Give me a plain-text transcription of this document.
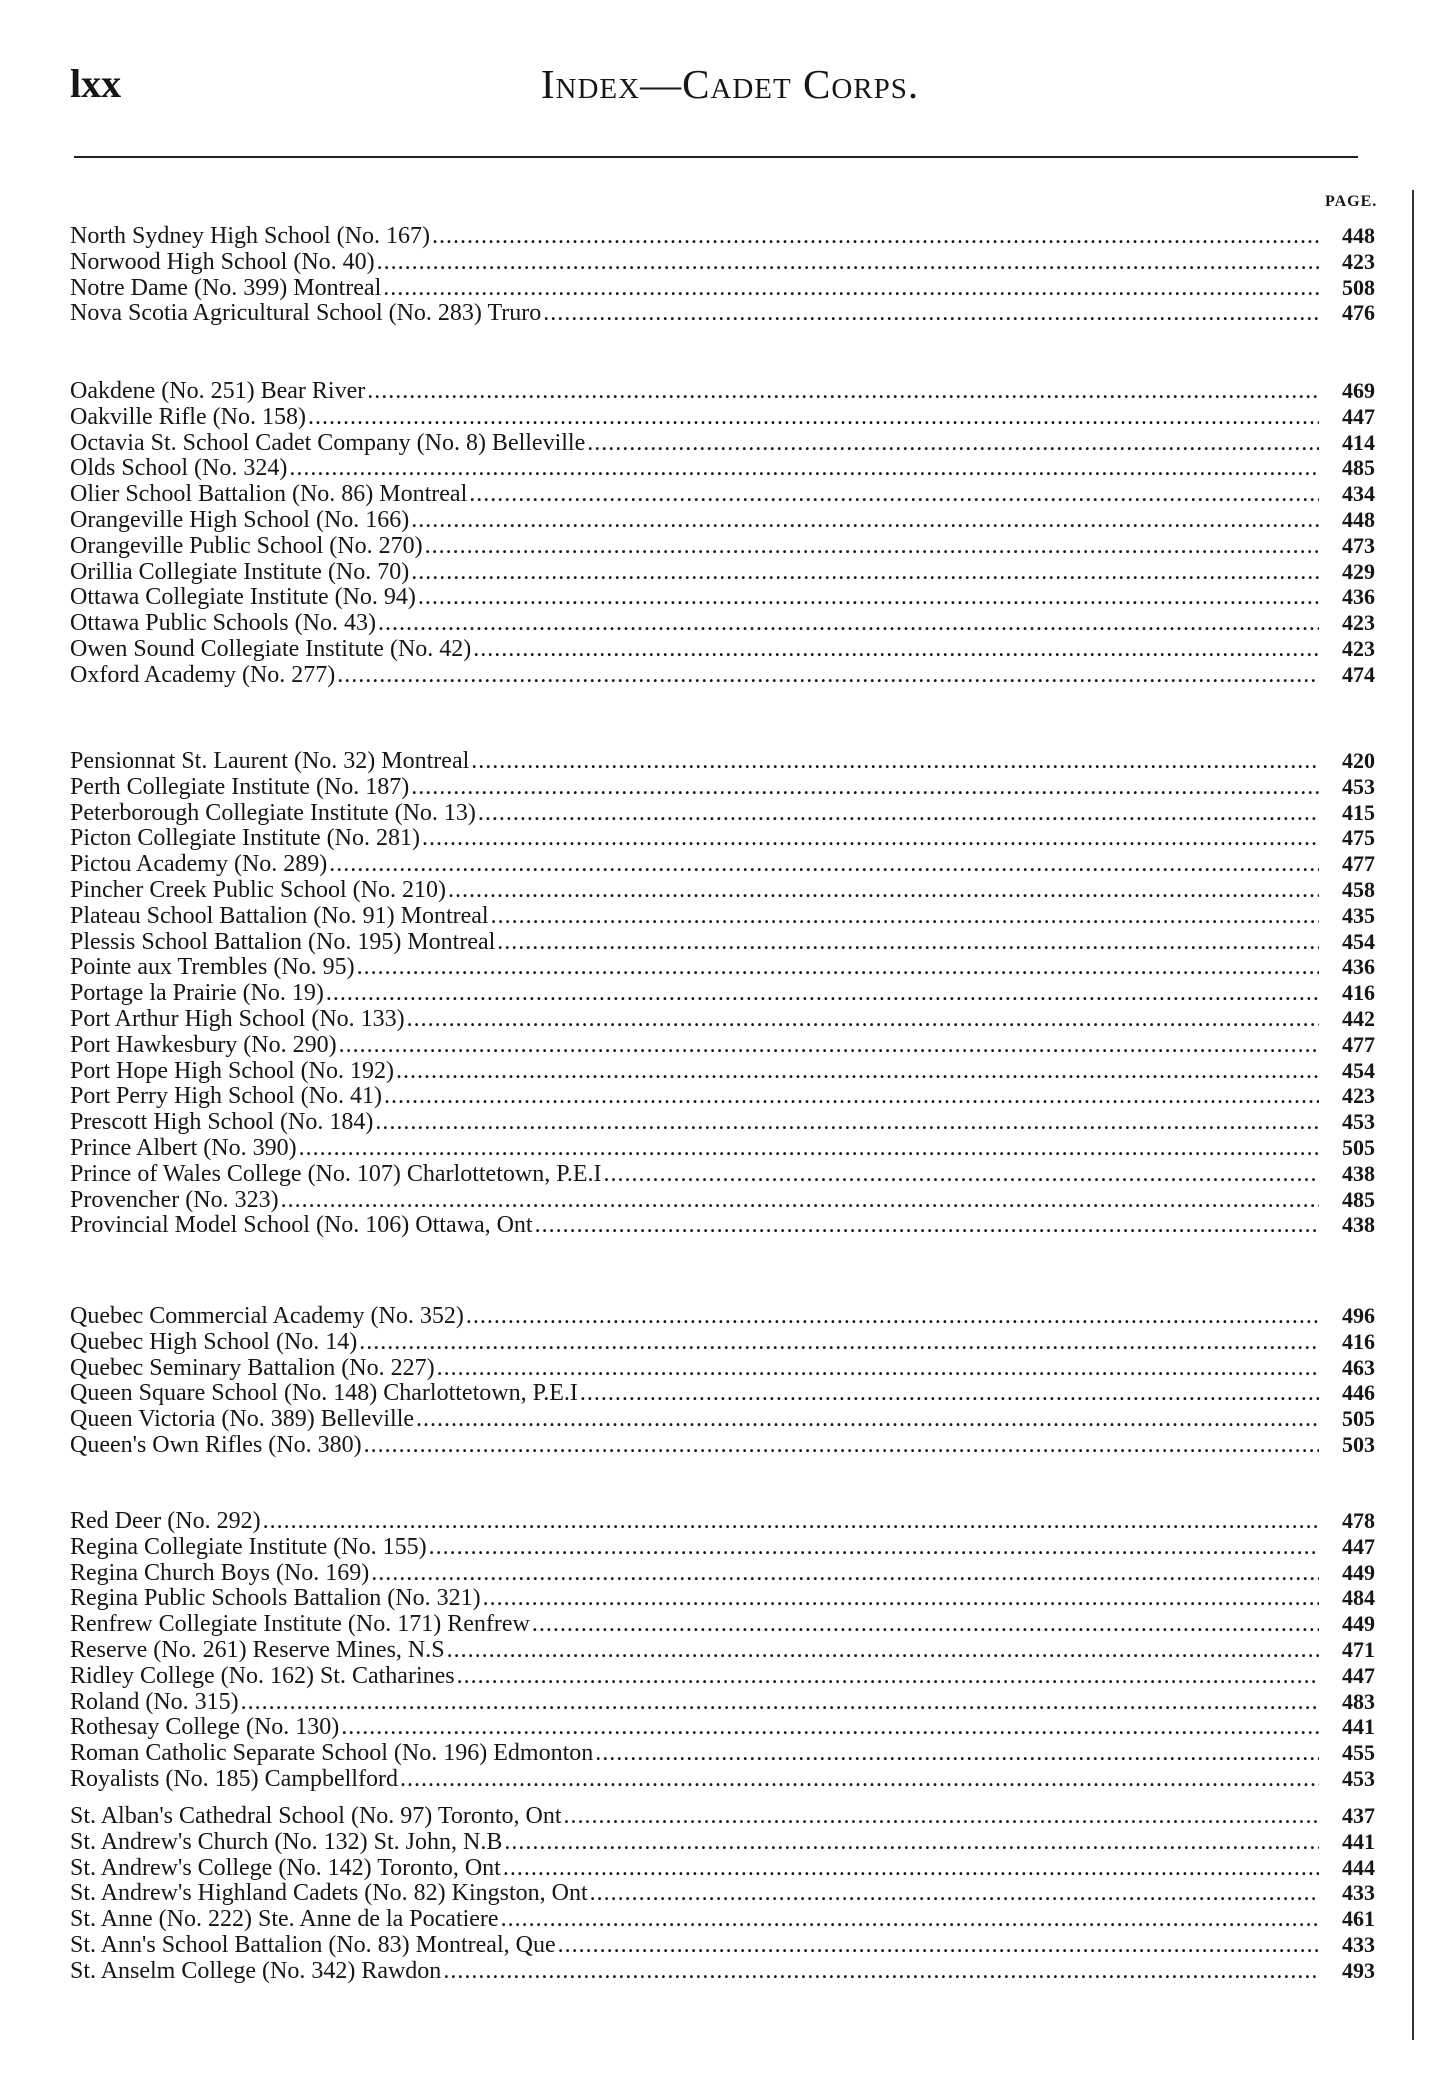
lxx	Index—Cadet Corps.
PAGE.
North Sydney High School (No. 167) .....	448
Norwood High School (No. 40) .....	423
Notre Dame (No. 399) Montreal .....	508
Nova Scotia Agricultural School (No. 283) Truro .....	476
Oakdene (No. 251) Bear River .....	469
Oakville Rifle (No. 158) .....	447
Octavia St. School Cadet Company (No. 8) Belleville .....	414
Olds School (No. 324) .....	485
Olier School Battalion (No. 86) Montreal .....	434
Orangeville High School (No. 166) .....	448
Orangeville Public School (No. 270) .....	473
Orillia Collegiate Institute (No. 70) .....	429
Ottawa Collegiate Institute (No. 94) .....	436
Ottawa Public Schools (No. 43) .....	423
Owen Sound Collegiate Institute (No. 42) .....	423
Oxford Academy (No. 277) .....	474
Pensionnat St. Laurent (No. 32) Montreal .....	420
Perth Collegiate Institute (No. 187) .....	453
Peterborough Collegiate Institute (No. 13) .....	415
Picton Collegiate Institute (No. 281) .....	475
Pictou Academy (No. 289) .....	477
Pincher Creek Public School (No. 210) .....	458
Plateau School Battalion (No. 91) Montreal .....	435
Plessis School Battalion (No. 195) Montreal .....	454
Pointe aux Trembles (No. 95) .....	436
Portage la Prairie (No. 19) .....	416
Port Arthur High School (No. 133) .....	442
Port Hawkesbury (No. 290) .....	477
Port Hope High School (No. 192) .....	454
Port Perry High School (No. 41) .....	423
Prescott High School (No. 184) .....	453
Prince Albert (No. 390) .....	505
Prince of Wales College (No. 107) Charlottetown, P.E.I .....	438
Provencher (No. 323) .....	485
Provincial Model School (No. 106) Ottawa, Ont .....	438
Quebec Commercial Academy (No. 352) .....	496
Quebec High School (No. 14) .....	416
Quebec Seminary Battalion (No. 227) .....	463
Queen Square School (No. 148) Charlottetown, P.E.I .....	446
Queen Victoria (No. 389) Belleville .....	505
Queen's Own Rifles (No. 380) .....	503
Red Deer (No. 292) .....	478
Regina Collegiate Institute (No. 155) .....	447
Regina Church Boys (No. 169) .....	449
Regina Public Schools Battalion (No. 321) .....	484
Renfrew Collegiate Institute (No. 171) Renfrew .....	449
Reserve (No. 261) Reserve Mines, N.S .....	471
Ridley College (No. 162) St. Catharines .....	447
Roland (No. 315) .....	483
Rothesay College (No. 130) .....	441
Roman Catholic Separate School (No. 196) Edmonton .....	455
Royalists (No. 185) Campbellford .....	453
St. Alban's Cathedral School (No. 97) Toronto, Ont .....	437
St. Andrew's Church (No. 132) St. John, N.B .....	441
St. Andrew's College (No. 142) Toronto, Ont .....	444
St. Andrew's Highland Cadets (No. 82) Kingston, Ont .....	433
St. Anne (No. 222) Ste. Anne de la Pocatiere .....	461
St. Ann's School Battalion (No. 83) Montreal, Que .....	433
St. Anselm College (No. 342) Rawdon .....	493
